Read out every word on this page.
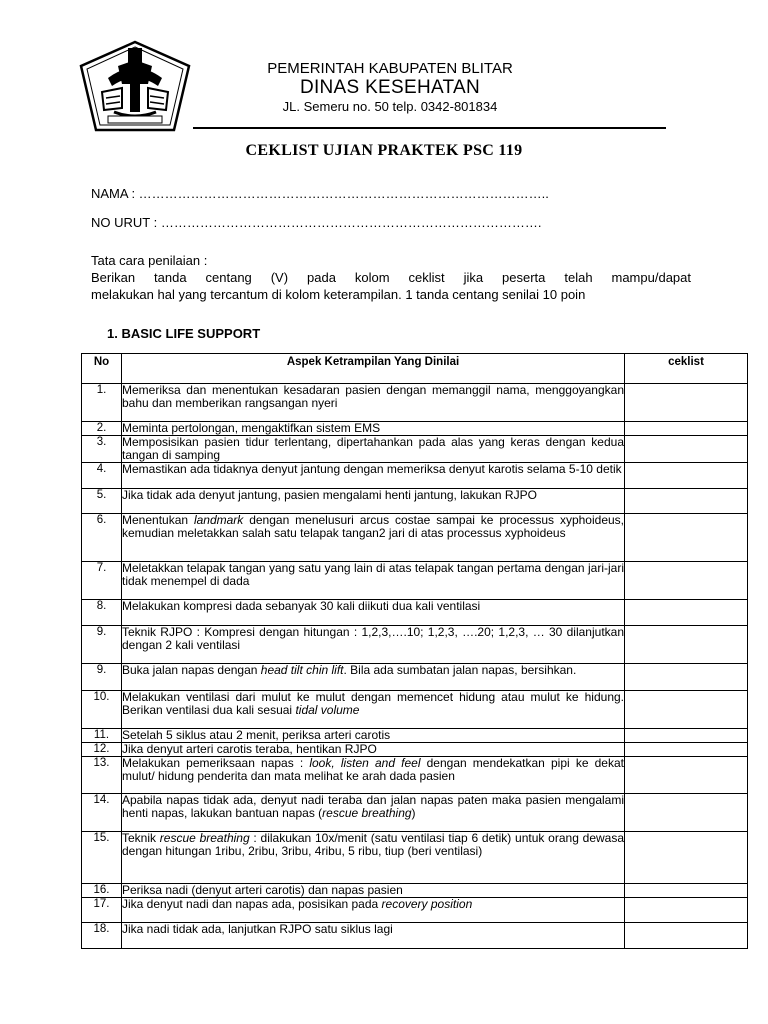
PEMERINTAH KABUPATEN BLITAR
DINAS KESEHATAN
JL. Semeru no. 50 telp. 0342-801834
CEKLIST UJIAN PRAKTEK PSC 119
NAMA : …………………………………………………………………………………..
NO URUT : …………………………………………………………………………….
Tata cara penilaian :
Berikan tanda centang (V) pada kolom ceklist jika peserta telah mampu/dapat
melakukan hal yang tercantum di kolom keterampilan. 1 tanda centang senilai 10 poin
1. BASIC LIFE SUPPORT
No	Aspek Ketrampilan Yang Dinilai	ceklist
1.	Memeriksa dan menentukan kesadaran pasien dengan memanggil nama, menggoyangkan bahu dan memberikan rangsangan nyeri	
2.	Meminta pertolongan, mengaktifkan sistem EMS	
3.	Memposisikan pasien tidur terlentang, dipertahankan pada alas yang keras dengan kedua tangan di samping	
4.	Memastikan ada tidaknya denyut jantung dengan memeriksa denyut karotis selama 5-10 detik	
5.	Jika tidak ada denyut jantung, pasien mengalami henti jantung, lakukan RJPO	
6.	Menentukan landmark dengan menelusuri arcus costae sampai ke processus xyphoideus, kemudian meletakkan salah satu telapak tangan2 jari di atas processus xyphoideus	
7.	Meletakkan telapak tangan yang satu yang lain di atas telapak tangan pertama dengan jari-jari tidak menempel di dada	
8.	Melakukan kompresi dada sebanyak 30 kali diikuti dua kali ventilasi	
9.	Teknik RJPO : Kompresi dengan hitungan : 1,2,3,….10; 1,2,3, ….20; 1,2,3, … 30 dilanjutkan dengan 2 kali ventilasi	
9.	Buka jalan napas dengan head tilt chin lift. Bila ada sumbatan jalan napas, bersihkan.	
10.	Melakukan ventilasi dari mulut ke mulut dengan memencet hidung atau mulut ke hidung. Berikan ventilasi dua kali sesuai tidal volume	
11.	Setelah 5 siklus atau 2 menit, periksa arteri carotis	
12.	Jika denyut arteri carotis teraba, hentikan RJPO	
13.	Melakukan pemeriksaan napas : look, listen and feel dengan mendekatkan pipi ke dekat mulut/ hidung penderita dan mata melihat ke arah dada pasien	
14.	Apabila napas tidak ada, denyut nadi teraba dan jalan napas paten maka pasien mengalami henti napas, lakukan bantuan napas (rescue breathing)	
15.	Teknik rescue breathing : dilakukan 10x/menit (satu ventilasi tiap 6 detik) untuk orang dewasa dengan hitungan 1ribu, 2ribu, 3ribu, 4ribu, 5 ribu, tiup (beri ventilasi)	
16.	Periksa nadi (denyut arteri carotis) dan napas pasien	
17.	Jika denyut nadi dan napas ada, posisikan pada recovery position	
18.	Jika nadi tidak ada, lanjutkan RJPO satu siklus lagi	
